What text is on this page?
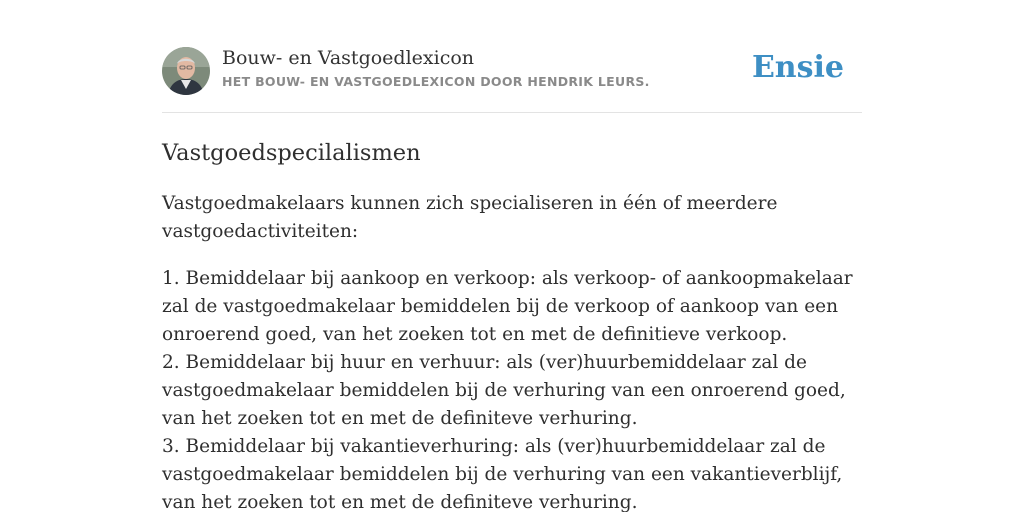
Bouw- en Vastgoedlexicon
HET BOUW- EN VASTGOEDLEXICON DOOR HENDRIK LEURS.	Ensie
Vastgoedspecilalismen

Vastgoedmakelaars kunnen zich specialiseren in één of meerdere vastgoedactiviteiten:

1. Bemiddelaar bij aankoop en verkoop: als verkoop- of aankoopmakelaar zal de vastgoedmakelaar bemiddelen bij de verkoop of aankoop van een onroerend goed, van het zoeken tot en met de definitieve verkoop.

2. Bemiddelaar bij huur en verhuur: als (ver)huurbemiddelaar zal de vastgoedmakelaar bemiddelen bij de verhuring van een onroerend goed, van het zoeken tot en met de definiteve verhuring.

3. Bemiddelaar bij vakantieverhuring: als (ver)huurbemiddelaar zal de vastgoedmakelaar bemiddelen bij de verhuring van een vakantieverblijf, van het zoeken tot en met de definiteve verhuring.
